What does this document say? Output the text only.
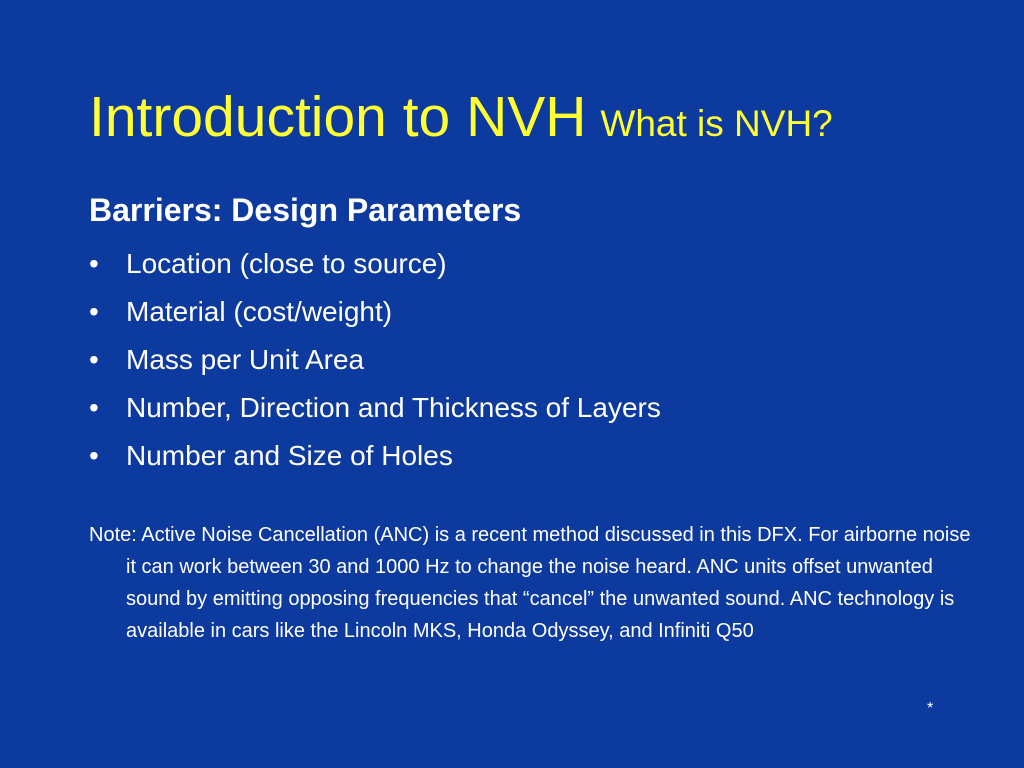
Introduction to NVH What is NVH?
Barriers: Design Parameters
• Location (close to source)
• Material (cost/weight)
• Mass per Unit Area
• Number, Direction and Thickness of Layers
• Number and Size of Holes
Note: Active Noise Cancellation (ANC) is a recent method discussed in this DFX. For airborne noise it can work between 30 and 1000 Hz to change the noise heard. ANC units offset unwanted sound by emitting opposing frequencies that “cancel” the unwanted sound. ANC technology is available in cars like the Lincoln MKS, Honda Odyssey, and Infiniti Q50
*
